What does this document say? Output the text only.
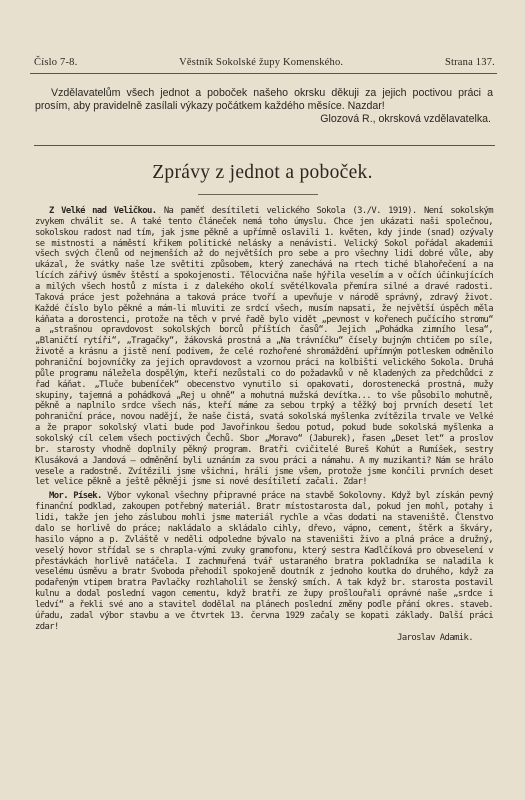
Číslo 7-8.	Věstník Sokolské župy Komenského.	Strana 137.

Vzdělavatelům všech jednot a poboček našeho okrsku děkuji za jejich poctivou práci a prosím, aby pravidelně zasílali výkazy počátkem každého měsíce. Nazdar!

Glozová R., okrsková vzdělavatelka.

Zprávy z jednot a poboček.

Z Velké nad Veličkou. Na paměť desítileti velického Sokola (3./V. 1919). Není sokolským zvykem chválit se. A také tento článeček nemá toho úmyslu. Chce jen ukázati naši společnou, sokolskou radost nad tím, jak jsme pěkně a upřímně oslavili 1. květen, kdy jinde (snad) ozývaly se mistnosti a náměstí křikem politické nelásky a nenávisti. Velický Sokol pořádal akademii všech svých členů od nejmenších až do největších pro sebe a pro všechny lidi dobré vůle, aby ukázal, že svátky naše lze světiti způsobem, který zanechává na rtech tiché blahořečení a na lících zářivý úsměv štěstí a spokojenosti. Tělocvična naše hýřila veselím a v očích účinkujících a milých všech hostů z místa i z dalekého okolí světélkovala přemíra silné a dravé radosti. Taková práce jest požehnána a taková práce tvoří a upevňuje v národě správný, zdravý život. Každé číslo bylo pěkné a mám-li mluviti ze srdcí všech, musím napsati, že největší úspěch měla káňata a dorostenci, protože na těch v prvé řadě bylo vidět „pevnost v kořenech pučícího stromu“ a „strašnou opravdovost sokolských borců příštích časů“. Jejich „Pohádka zimního lesa“, „Blaničtí rytíři“, „Tragačky“, žákovská prostná a „Na trávníčku“ čísely bujným chtičem po síle, životě a krásnu a jistě není podivem, že celé rozhořené shromáždění upřímným potleskem odměnilo pohraniční bojovníčky za jejich opravdovost a vzornou práci na kolbišti velického Sokola. Druhá půle programu náležela dospělým, kteří nezůstali co do požadavků v ně kladených za předchůdci z řad káňat. „Tluče bubeníček“ obecenstvo vynutilo si opakovati, dorostenecká prostná, mužy skupiny, tajemná a pohádková „Rej u ohně“ a mohutná mužská devítka... to vše působilo mohutně, pěkně a naplnilo srdce všech nás, kteří máme za sebou trpký a těžký boj prvních desetí let pohraniční práce, novou nadějí, že naše čistá, svatá sokolská myšlenka zvítězila trvale ve Velké a že prapor sokolský vlati bude pod Javořinkou šedou potud, pokud bude sokolská myšlenka a sokolský cíl celem všech poctivých Čechů. Sbor „Moravo“ (Jaburek), řasen „Deset let“ a proslov br. starosty vhodně doplnily pěkný program. Bratři cvičitelé Bureš Kohút a Rumíšek, sestry Klusáková a Jandová — odměnění byli uznáním za svou práci a námahu. A my muzikanti? Nám se hrálo vesele a radostně. Zvítězili jsme všichni, hráli jsme všem, protože jsme končili prvních deset let velice pěkně a ještě pěkněji jsme si nové desítiletí začali. Zdar!

Mor. Písek. Výbor vykonal všechny připravné práce na stavbě Sokolovny. Když byl získán pevný finanční podklad, zakoupen potřebný materiál. Bratr místostarosta dal, pokud jen mohl, potahy i lidi, takže jen jeho záslubou mohli jsme materiál rychle a včas dodati na staveniště. Členstvo dalo se horlivě do práce; nakládalo a skládalo cihly, dřevo, vápno, cement, štěrk a škváry, hasilo vápno a p. Zvláště v neděli odpoledne bývalo na staveništi živo a plná práce a družný, veselý hovor střídal se s chrapla-vými zvuky gramofonu, který sestra Kadlčíková pro obveselení v přestávkách horlivě natáčela. I zachmuřená tvář ustaraného bratra pokladníka se naladila k veselému úsměvu a bratr Svoboda přehodil spokojeně doutník z jednoho koutka do druhého, když za podařeným vtipem bratra Pavlačky rozhlaholil se ženský smích. A tak když br. starosta postavil kulnu a dodal poslední vagon cementu, když bratři ze župy prošlouřali oprávné naše „srdce i ledví“ a řekli své ano a stavitel dodělal na plánech poslední změny podle přání okres. staveb. úřadu, zadal výbor stavbu a ve čtvrtek 13. června 1929 začaly se kopati základy. Další práci zdar!

Jaroslav Adamik.
